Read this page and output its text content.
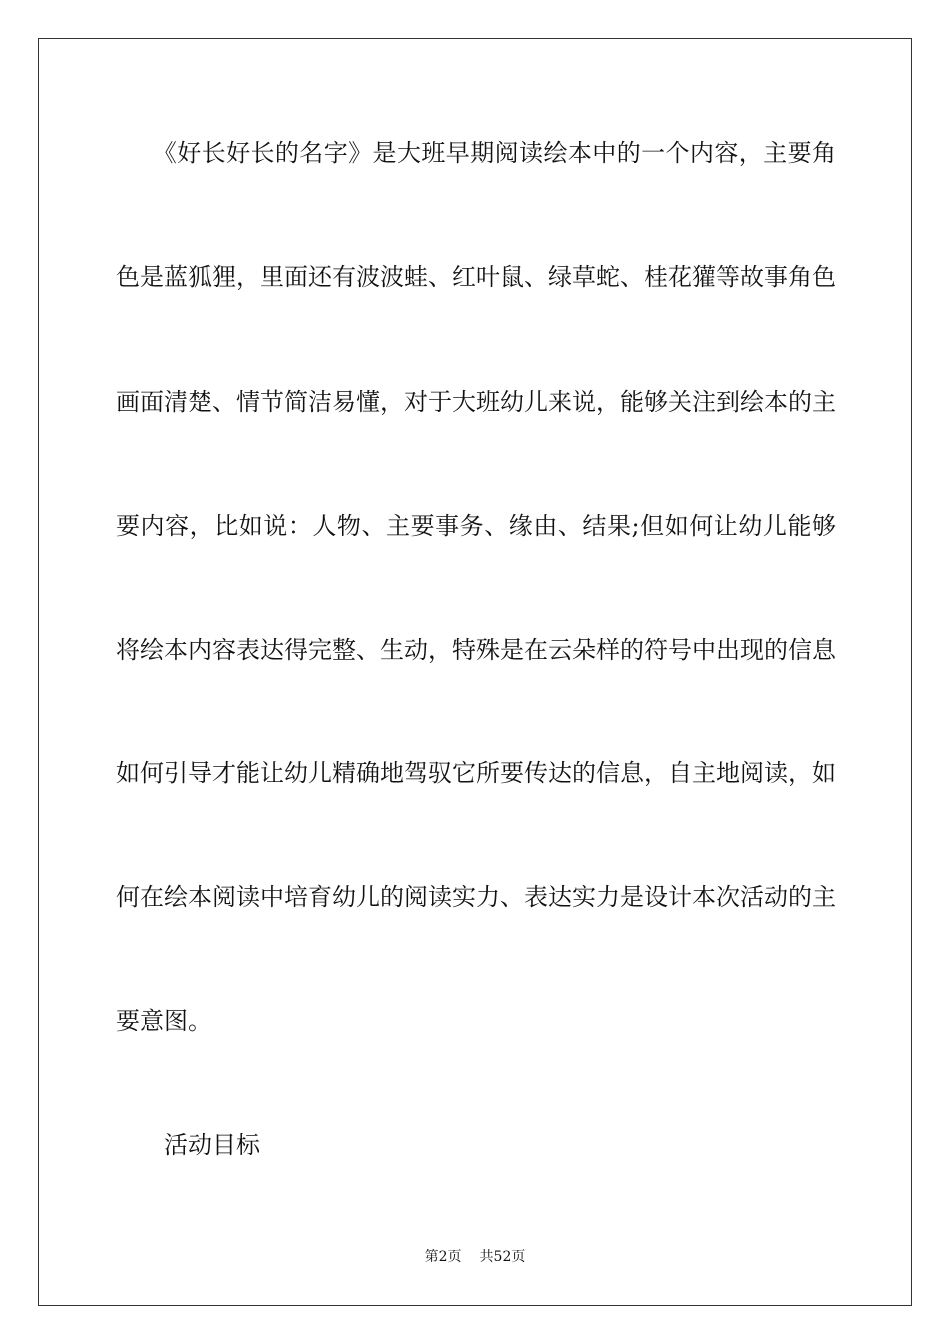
　　《好长好长的名字》是大班早期阅读绘本中的一个内容，主要角
色是蓝狐狸，里面还有波波蛙、红叶鼠、绿草蛇、桂花獾等故事角色
画面清楚、情节简洁易懂，对于大班幼儿来说，能够关注到绘本的主
要内容，比如说：人物、主要事务、缘由、结果;但如何让幼儿能够
将绘本内容表达得完整、生动，特殊是在云朵样的符号中出现的信息
如何引导才能让幼儿精确地驾驭它所要传达的信息，自主地阅读，如
何在绘本阅读中培育幼儿的阅读实力、表达实力是设计本次活动的主
要意图。
活动目标
第2页 共52页
